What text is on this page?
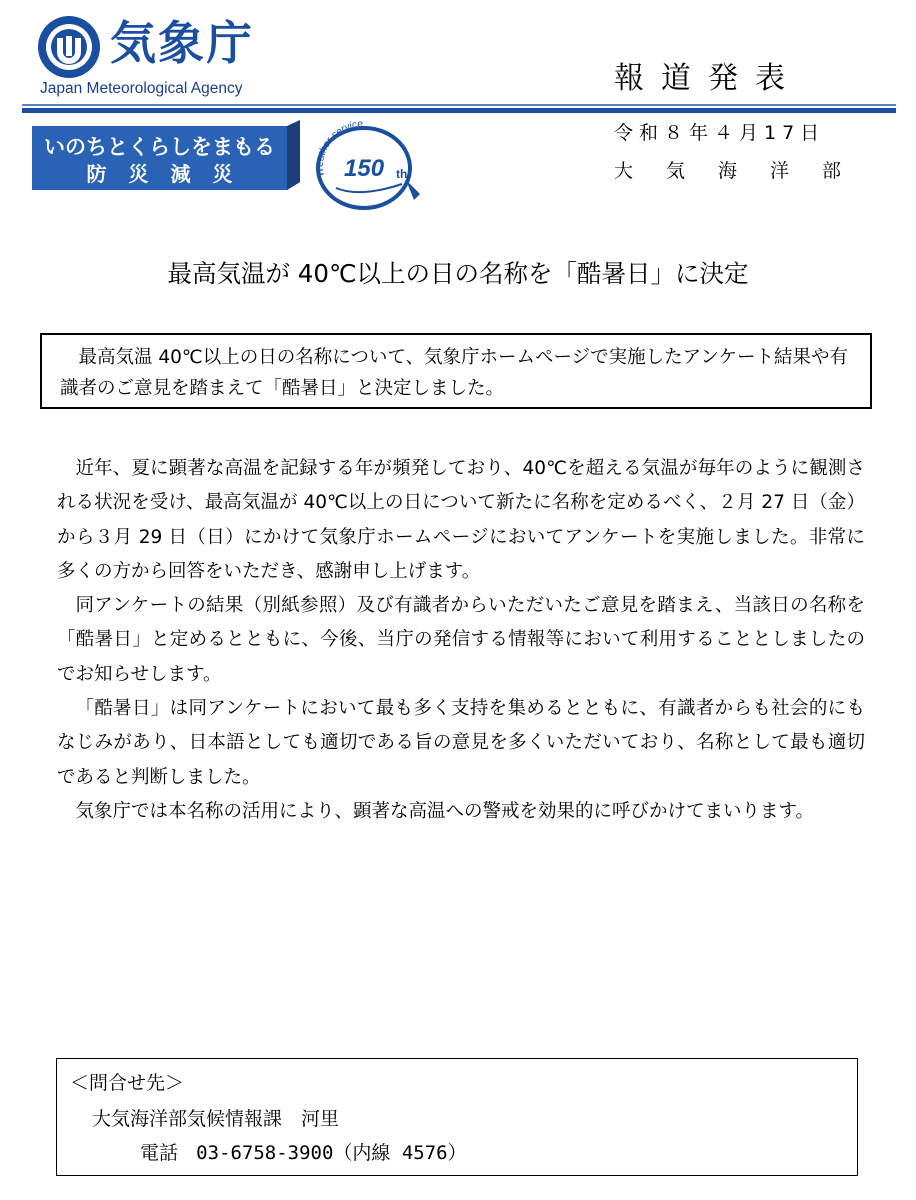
気象庁
Japan Meteorological Agency	報道発表
いのちとくらしをまもる
防災減災	Weather service
150 th
令和８年４月17日
大気海洋部
最高気温が 40℃以上の日の名称を「酷暑日」に決定
最高気温 40℃以上の日の名称について、気象庁ホームページで実施したアンケート結果や有識者のご意見を踏まえて「酷暑日」と決定しました。

近年、夏に顕著な高温を記録する年が頻発しており、40℃を超える気温が毎年のように観測される状況を受け、最高気温が 40℃以上の日について新たに名称を定めるべく、２月 27 日（金）から３月 29 日（日）にかけて気象庁ホームページにおいてアンケートを実施しました。非常に多くの方から回答をいただき、感謝申し上げます。

同アンケートの結果（別紙参照）及び有識者からいただいたご意見を踏まえ、当該日の名称を「酷暑日」と定めるとともに、今後、当庁の発信する情報等において利用することとしましたのでお知らせします。

「酷暑日」は同アンケートにおいて最も多く支持を集めるとともに、有識者からも社会的にもなじみがあり、日本語としても適切である旨の意見を多くいただいており、名称として最も適切であると判断しました。

気象庁では本名称の活用により、顕著な高温への警戒を効果的に呼びかけてまいります。

＜問合せ先＞
大気海洋部気候情報課　河里
電話 03-6758-3900（内線 4576）
